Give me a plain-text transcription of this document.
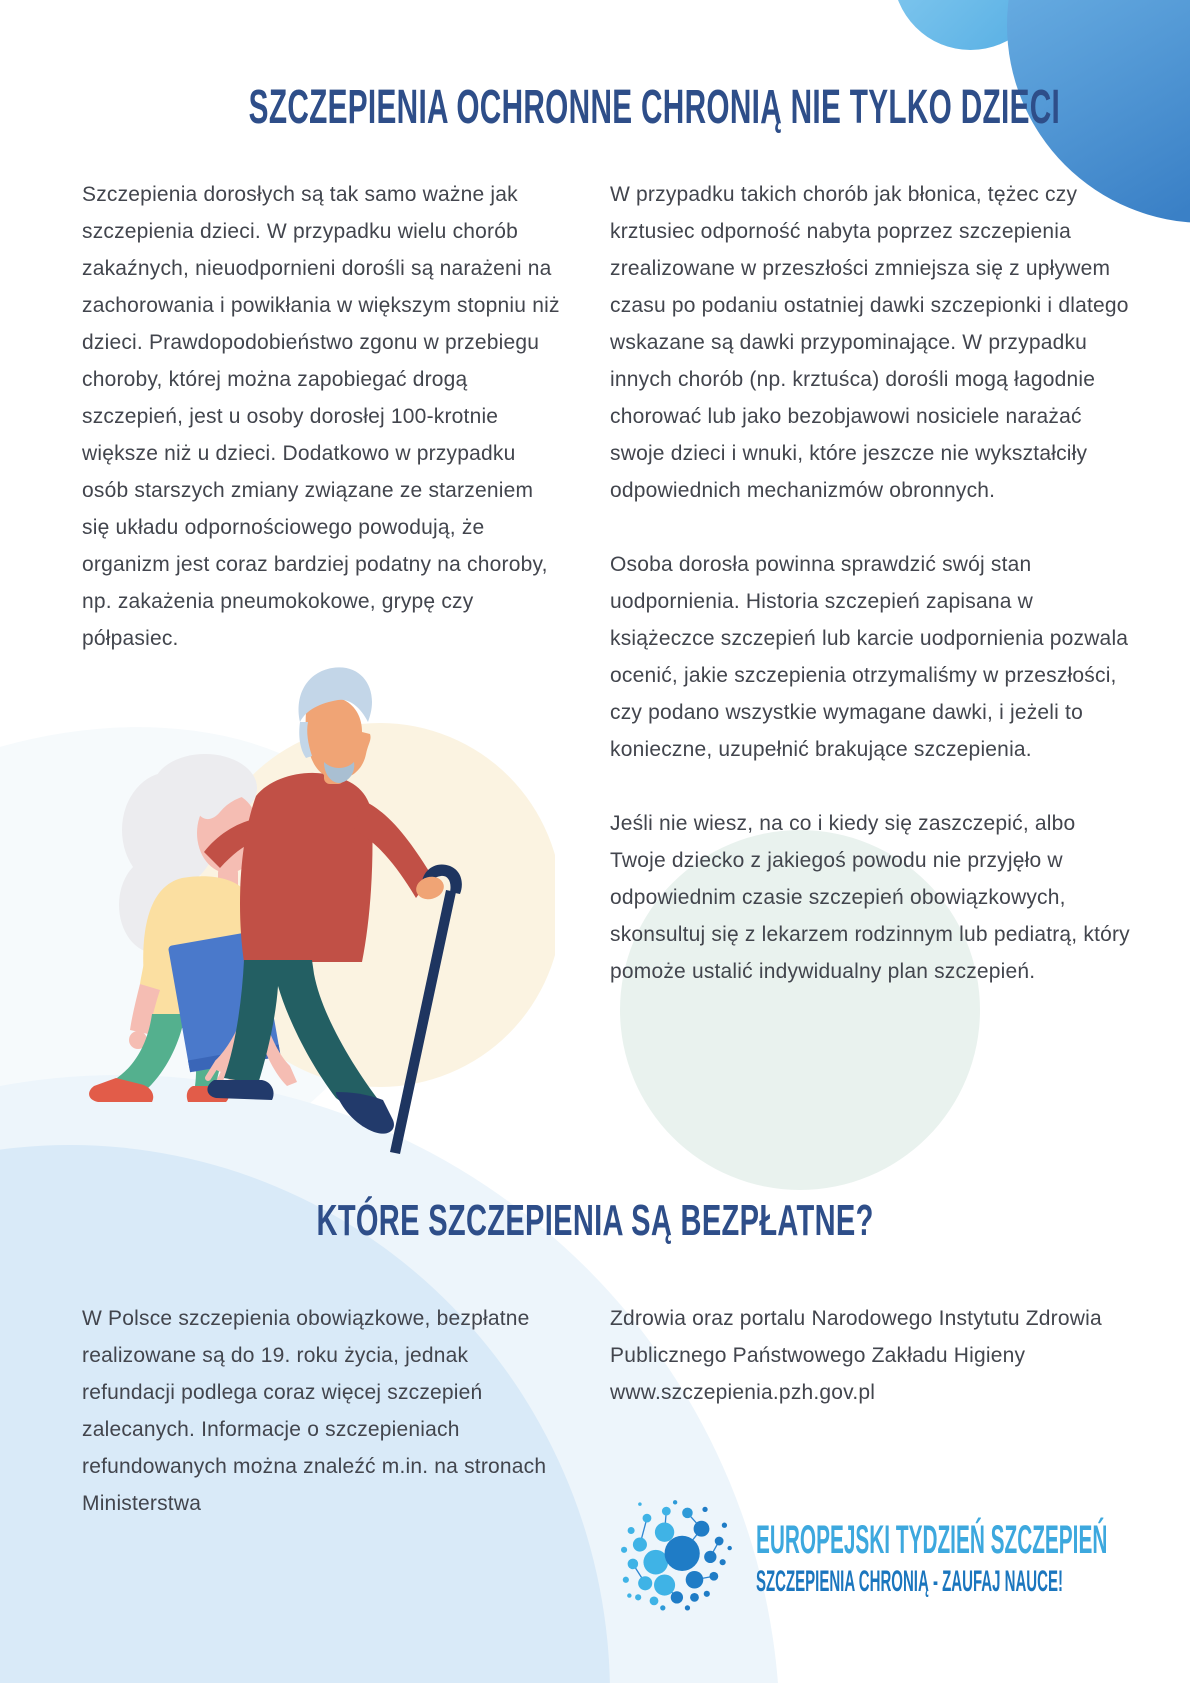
SZCZEPIENIA OCHRONNE CHRONIĄ NIE TYLKO DZIECI

Szczepienia dorosłych są tak samo ważne jak szczepienia dzieci. W przypadku wielu chorób zakaźnych, nieuodpornieni dorośli są narażeni na zachorowania i powikłania w większym stopniu niż dzieci. Prawdopodobieństwo zgonu w przebiegu choroby, której można zapobiegać drogą szczepień, jest u osoby dorosłej 100-krotnie większe niż u dzieci. Dodatkowo w przypadku osób starszych zmiany związane ze starzeniem się układu odpornościowego powodują, że organizm jest coraz bardziej podatny na choroby, np. zakażenia pneumokokowe, grypę czy półpasiec.

W przypadku takich chorób jak błonica, tężec czy krztusiec odporność nabyta poprzez szczepienia zrealizowane w przeszłości zmniejsza się z upływem czasu po podaniu ostatniej dawki szczepionki i dlatego wskazane są dawki przypominające. W przypadku innych chorób (np. krztuśca) dorośli mogą łagodnie chorować lub jako bezobjawowi nosiciele narażać swoje dzieci i wnuki, które jeszcze nie wykształciły odpowiednich mechanizmów obronnych.

Osoba dorosła powinna sprawdzić swój stan uodpornienia. Historia szczepień zapisana w książeczce szczepień lub karcie uodpornienia pozwala ocenić, jakie szczepienia otrzymaliśmy w przeszłości, czy podano wszystkie wymagane dawki, i jeżeli to konieczne, uzupełnić brakujące szczepienia.

Jeśli nie wiesz, na co i kiedy się zaszczepić, albo Twoje dziecko z jakiegoś powodu nie przyjęło w odpowiednim czasie szczepień obowiązkowych, skonsultuj się z lekarzem rodzinnym lub pediatrą, który pomoże ustalić indywidualny plan szczepień.

KTÓRE SZCZEPIENIA SĄ BEZPŁATNE?

W Polsce szczepienia obowiązkowe, bezpłatne realizowane są do 19. roku życia, jednak refundacji podlega coraz więcej szczepień zalecanych. Informacje o szczepieniach refundowanych można znaleźć m.in. na stronach Ministerstwa

Zdrowia oraz portalu Narodowego Instytutu Zdrowia Publicznego Państwowego Zakładu Higieny www.szczepienia.pzh.gov.pl

EUROPEJSKI TYDZIEŃ SZCZEPIEŃ
SZCZEPIENIA CHRONIĄ - ZAUFAJ NAUCE!
